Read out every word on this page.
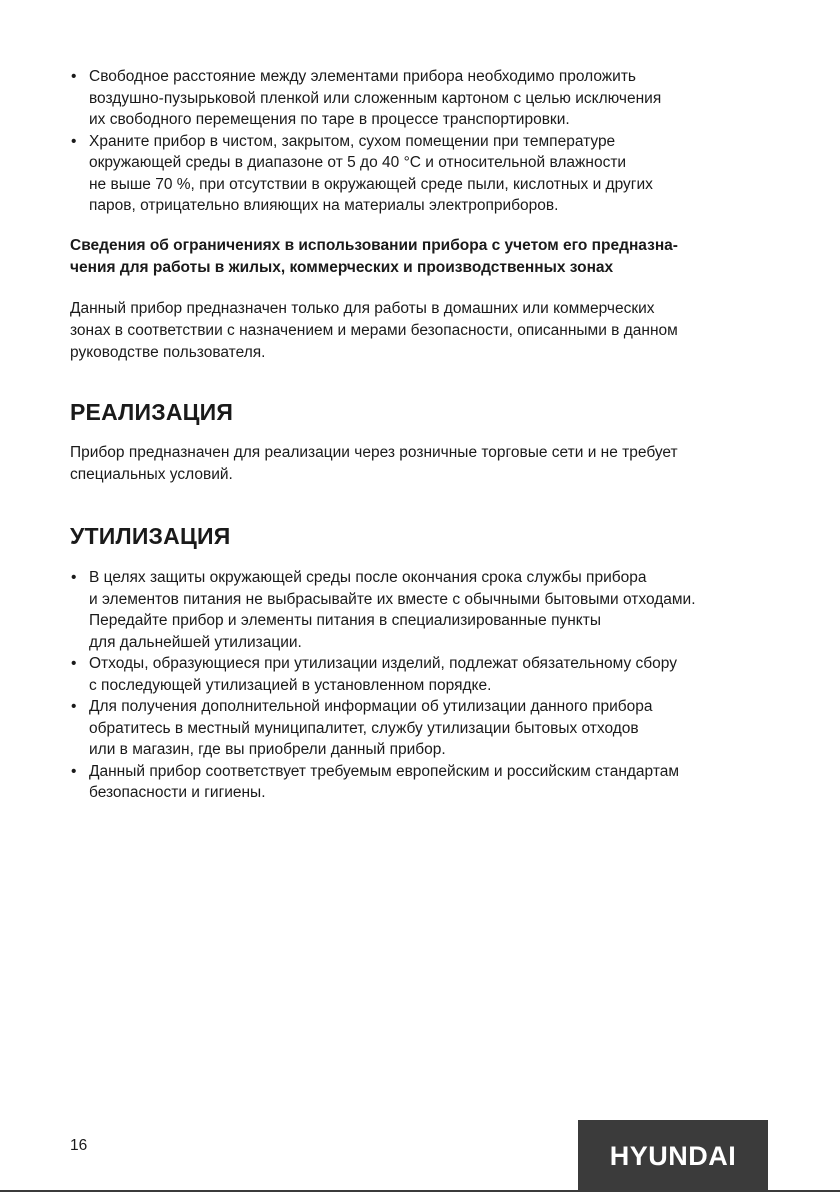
• Свободное расстояние между элементами прибора необходимо проложить
воздушно-пузырьковой пленкой или сложенным картоном с целью исключения
их свободного перемещения по таре в процессе транспортировки.
• Храните прибор в чистом, закрытом, сухом помещении при температуре
окружающей среды в диапазоне от 5 до 40 °С и относительной влажности
не выше 70 %, при отсутствии в окружающей среде пыли, кислотных и других
паров, отрицательно влияющих на материалы электроприборов.
Сведения об ограничениях в использовании прибора с учетом его предназна-
чения для работы в жилых, коммерческих и производственных зонах
Данный прибор предназначен только для работы в домашних или коммерческих
зонах в соответствии с назначением и мерами безопасности, описанными в данном
руководстве пользователя.
РЕАЛИЗАЦИЯ
Прибор предназначен для реализации через розничные торговые сети и не требует
специальных условий.
УТИЛИЗАЦИЯ
• В целях защиты окружающей среды после окончания срока службы прибора
и элементов питания не выбрасывайте их вместе с обычными бытовыми отходами.
Передайте прибор и элементы питания в специализированные пункты
для дальнейшей утилизации.
• Отходы, образующиеся при утилизации изделий, подлежат обязательному сбору
с последующей утилизацией в установленном порядке.
• Для получения дополнительной информации об утилизации данного прибора
обратитесь в местный муниципалитет, службу утилизации бытовых отходов
или в магазин, где вы приобрели данный прибор.
• Данный прибор соответствует требуемым европейским и российским стандартам
безопасности и гигиены.
16	HYUNDAI
